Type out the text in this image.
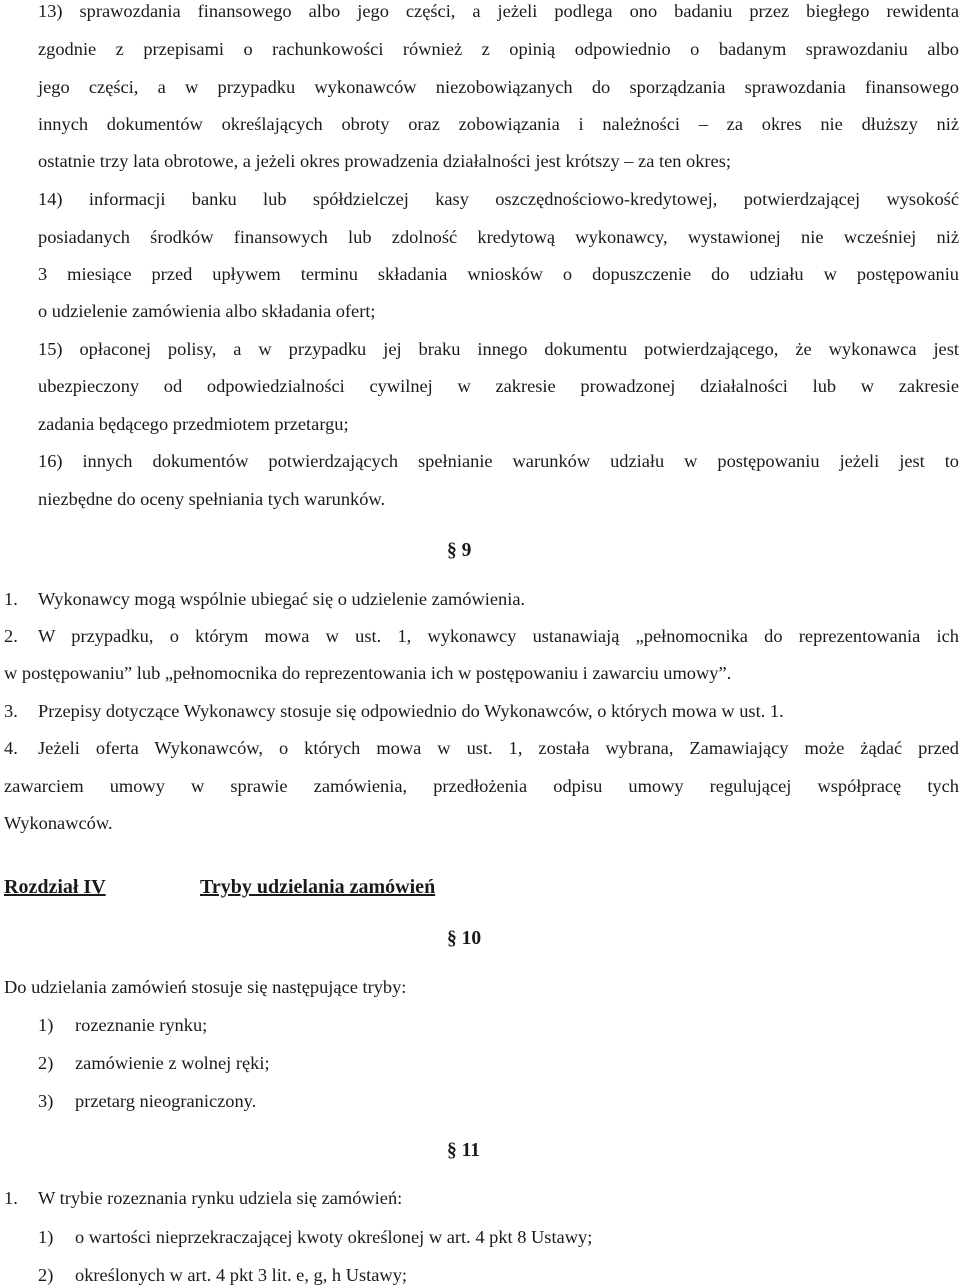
13) sprawozdania finansowego albo jego części, a jeżeli podlega ono badaniu przez biegłego rewidenta
zgodnie z przepisami o rachunkowości również z opinią odpowiednio o badanym sprawozdaniu albo
jego części, a w przypadku wykonawców niezobowiązanych do sporządzania sprawozdania finansowego
innych dokumentów określających obroty oraz zobowiązania i należności – za okres nie dłuższy niż
ostatnie trzy lata obrotowe, a jeżeli okres prowadzenia działalności jest krótszy – za ten okres;
14) informacji banku lub spółdzielczej kasy oszczędnościowo-kredytowej, potwierdzającej wysokość
posiadanych środków finansowych lub zdolność kredytową wykonawcy, wystawionej nie wcześniej niż
3 miesiące przed upływem terminu składania wniosków o dopuszczenie do udziału w postępowaniu
o udzielenie zamówienia albo składania ofert;
15) opłaconej polisy, a w przypadku jej braku innego dokumentu potwierdzającego, że wykonawca jest
ubezpieczony od odpowiedzialności cywilnej w zakresie prowadzonej działalności lub w zakresie
zadania będącego przedmiotem przetargu;
16) innych dokumentów potwierdzających spełnianie warunków udziału w postępowaniu jeżeli jest to
niezbędne do oceny spełniania tych warunków.
§ 9
1. Wykonawcy mogą wspólnie ubiegać się o udzielenie zamówienia.
2. W przypadku, o którym mowa w ust. 1, wykonawcy ustanawiają „pełnomocnika do reprezentowania ich
w postępowaniu” lub „pełnomocnika do reprezentowania ich w postępowaniu i zawarciu umowy”.
3. Przepisy dotyczące Wykonawcy stosuje się odpowiednio do Wykonawców, o których mowa w ust. 1.
4. Jeżeli oferta Wykonawców, o których mowa w ust. 1, została wybrana, Zamawiający może żądać przed
zawarciem umowy w sprawie zamówienia, przedłożenia odpisu umowy regulującej współpracę tych
Wykonawców.
Rozdział IV	Tryby udzielania zamówień
§ 10
Do udzielania zamówień stosuje się następujące tryby:
1) rozeznanie rynku;
2) zamówienie z wolnej ręki;
3) przetarg nieograniczony.
§ 11
1. W trybie rozeznania rynku udziela się zamówień:
1) o wartości nieprzekraczającej kwoty określonej w art. 4 pkt 8 Ustawy;
2) określonych w art. 4 pkt 3 lit. e, g, h Ustawy;
